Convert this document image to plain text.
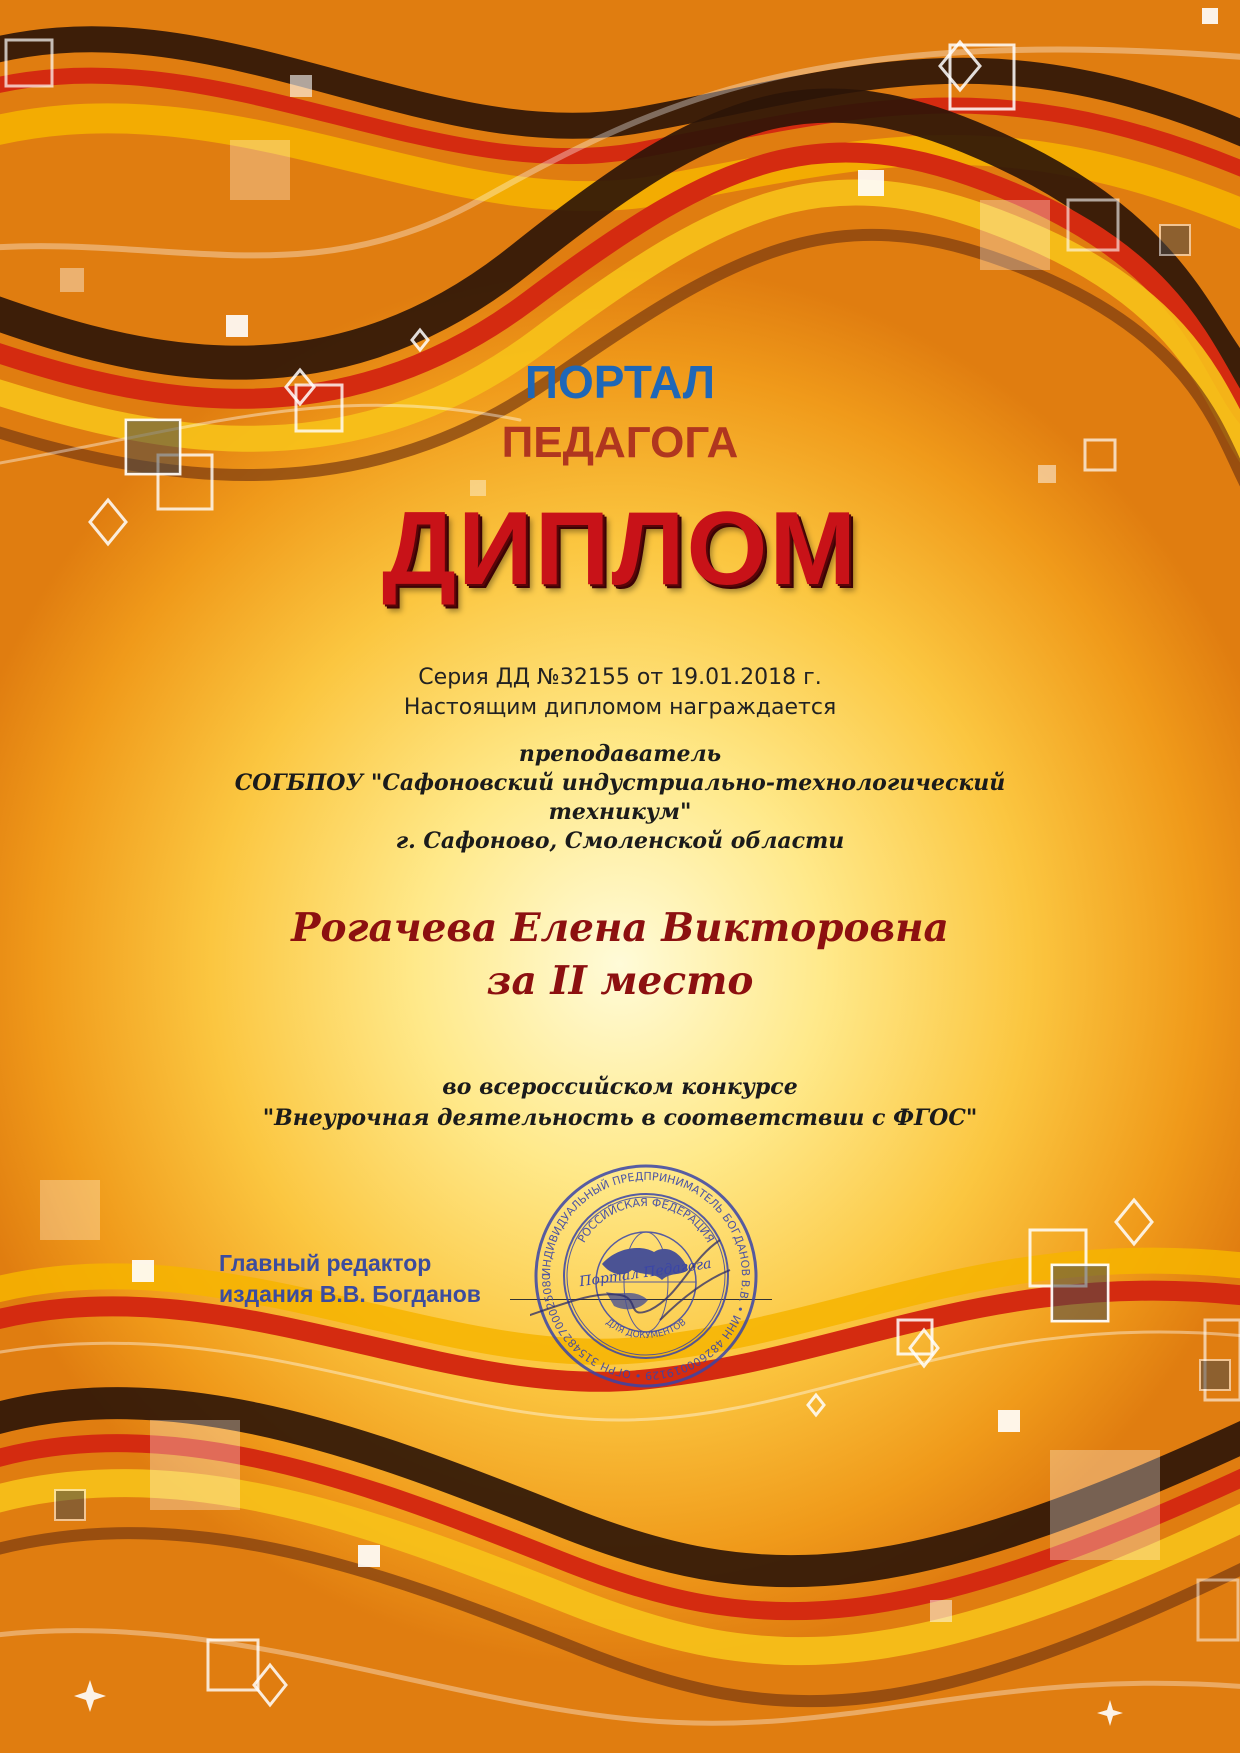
ПОРТАЛ

ПЕДАГОГА

ДИПЛОМ

Серия ДД №32155 от 19.01.2018 г.

Настоящим дипломом награждается

преподаватель
СОГБПОУ "Сафоновский индустриально-технологический
техникум"
г. Сафоново, Смоленской области

Рогачева Елена Викторовна

за II место

во всероссийском конкурсе
"Внеурочная деятельность в соответствии с ФГОС"
Главный редактор
издания В.В. Богданов
ИНДИВИДУАЛЬНЫЙ ПРЕДПРИНИМАТЕЛЬ БОГДАНОВ В.В. • ИНН 482600019129 • ОГРН 315482700025080
РОССИЙСКАЯ ФЕДЕРАЦИЯ
ДЛЯ ДОКУМЕНТОВ
Портал Педагога
